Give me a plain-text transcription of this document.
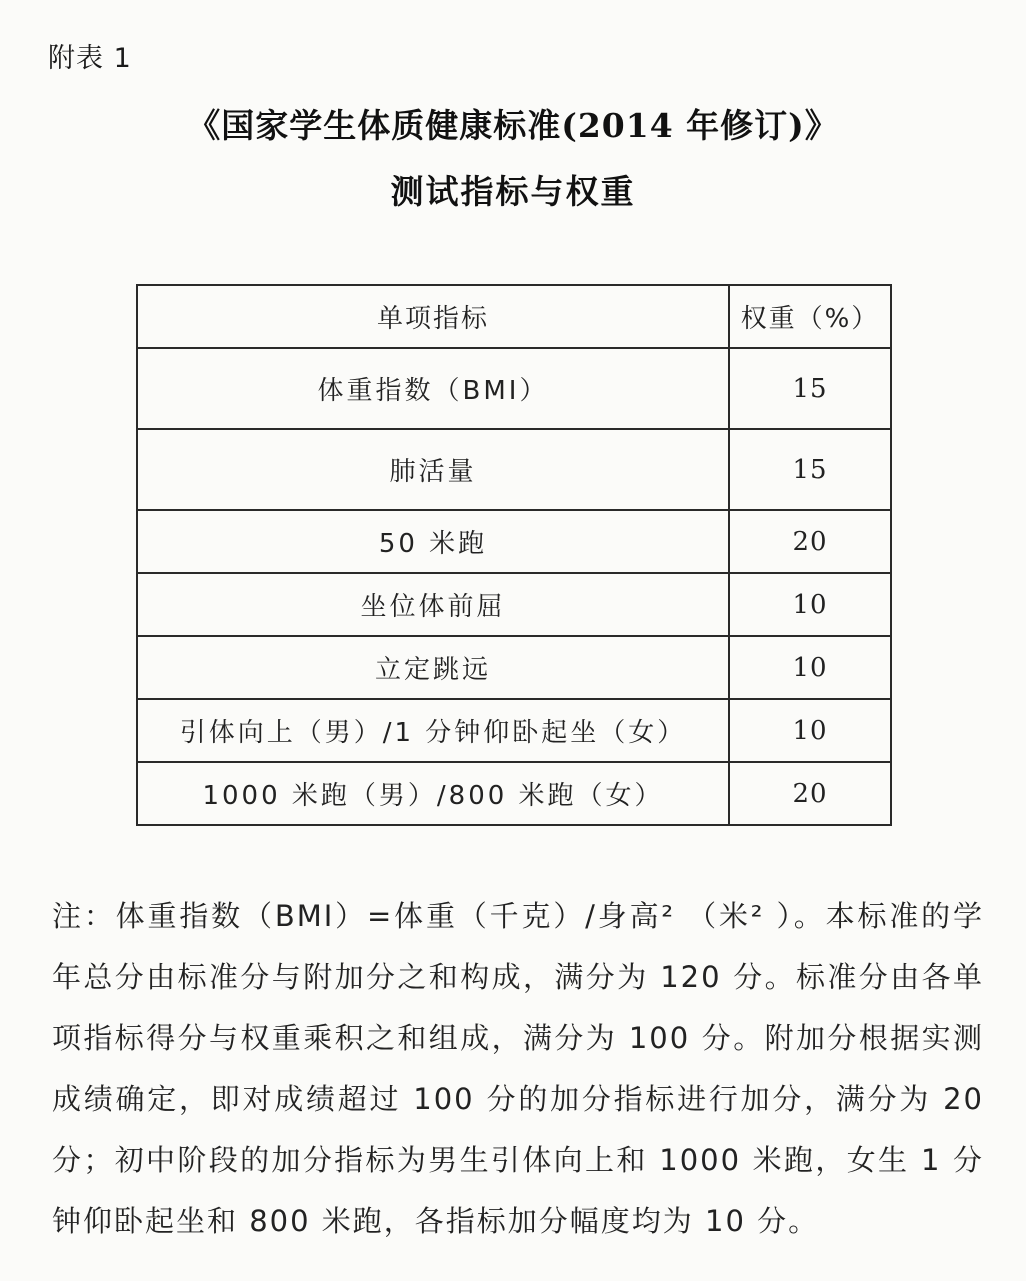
附表 1
《国家学生体质健康标准(2014 年修订)》
测试指标与权重
单项指标	权重（%）
体重指数（BMI）	15
肺活量	15
50 米跑	20
坐位体前屈	10
立定跳远	10
引体向上（男）/1 分钟仰卧起坐（女）	10
1000 米跑（男）/800 米跑（女）	20
注：体重指数（BMI）=体重（千克）/身高² （米² ）。本标准的学年总分由标准分与附加分之和构成，满分为 120 分。标准分由各单项指标得分与权重乘积之和组成，满分为 100 分。附加分根据实测成绩确定，即对成绩超过 100 分的加分指标进行加分，满分为 20 分；初中阶段的加分指标为男生引体向上和 1000 米跑，女生 1 分钟仰卧起坐和 800 米跑，各指标加分幅度均为 10 分。
